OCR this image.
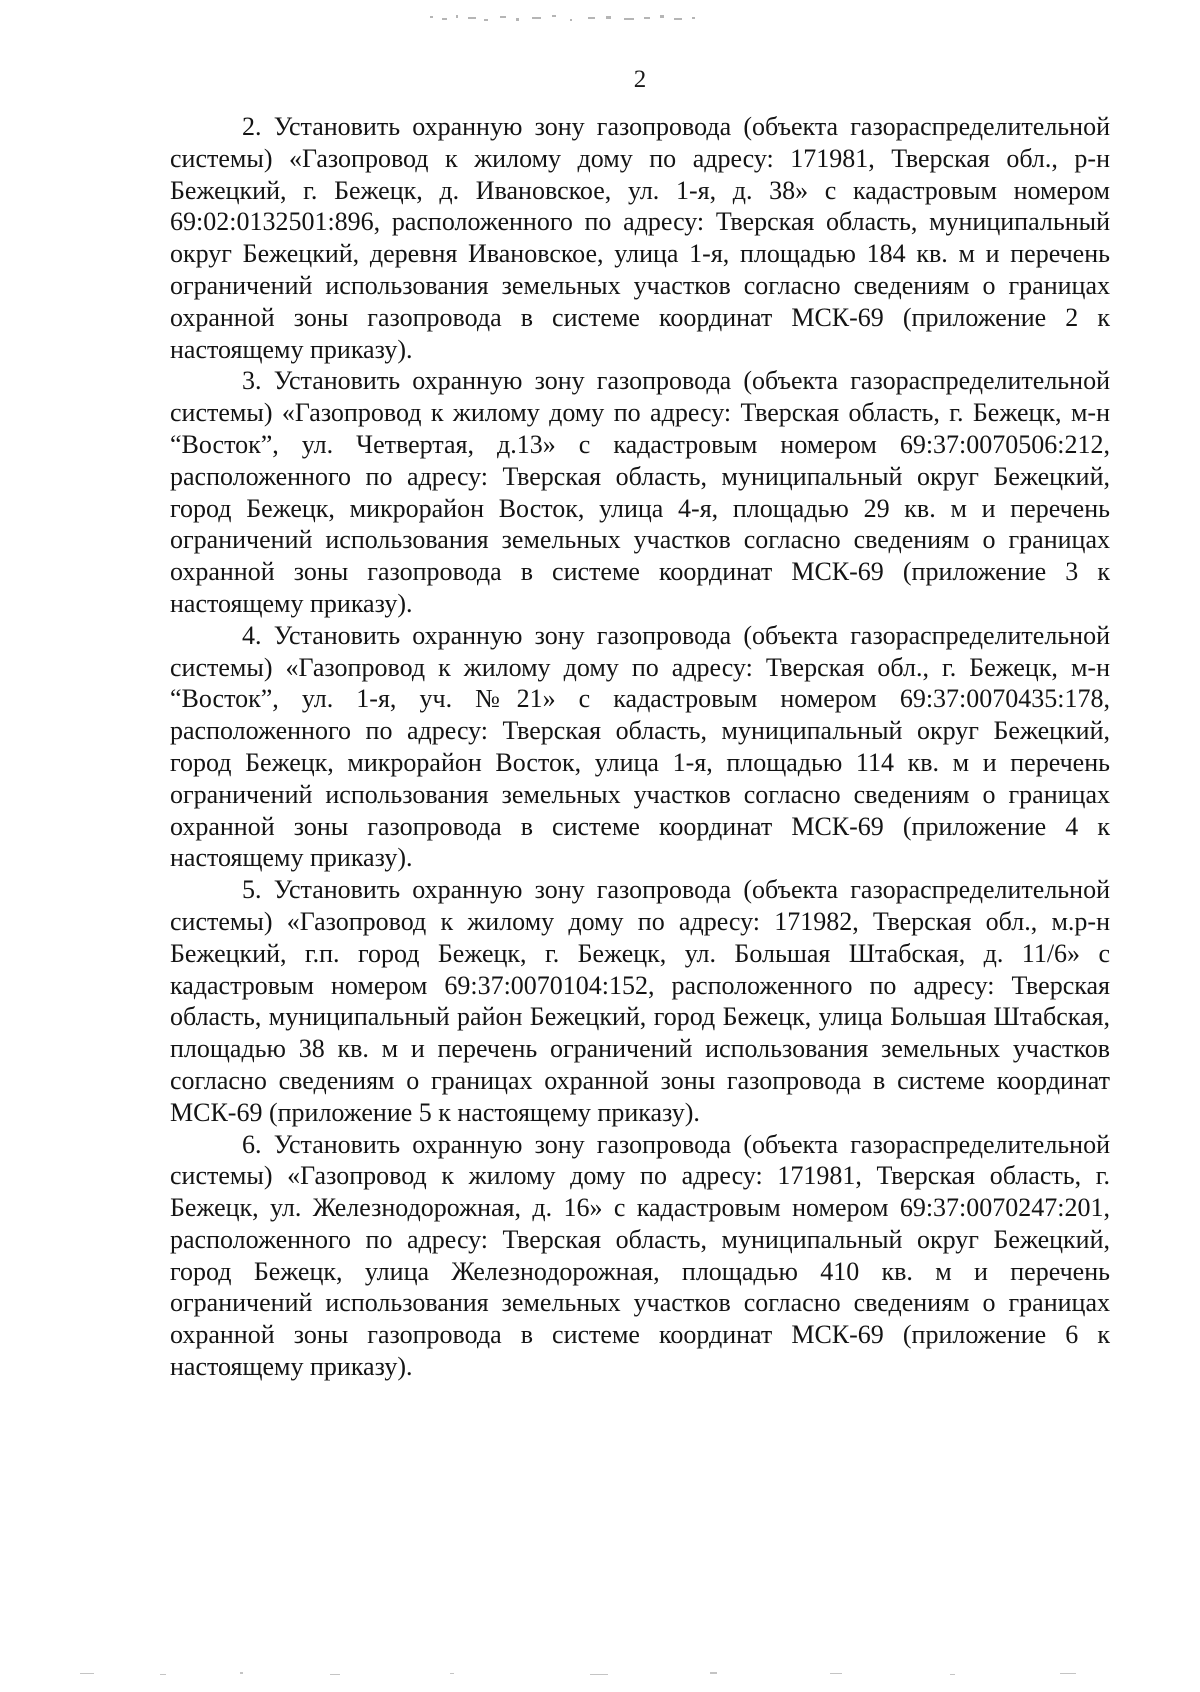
2

2. Установить охранную зону газопровода (объекта газораспределительной системы) «Газопровод к жилому дому по адресу: 171981, Тверская обл., р-н Бежецкий, г. Бежецк, д. Ивановское, ул. 1-я, д. 38» с кадастровым номером 69:02:0132501:896, расположенного по адресу: Тверская область, муниципальный округ Бежецкий, деревня Ивановское, улица 1-я, площадью 184 кв. м и перечень ограничений использования земельных участков согласно сведениям о границах охранной зоны газопровода в системе координат МСК-69 (приложение 2 к настоящему приказу).

3. Установить охранную зону газопровода (объекта газораспределительной системы) «Газопровод к жилому дому по адресу: Тверская область, г. Бежецк, м-н “Восток”, ул. Четвертая, д.13» с кадастровым номером 69:37:0070506:212, расположенного по адресу: Тверская область, муниципальный округ Бежецкий, город Бежецк, микрорайон Восток, улица 4-я, площадью 29 кв. м и перечень ограничений использования земельных участков согласно сведениям о границах охранной зоны газопровода в системе координат МСК-69 (приложение 3 к настоящему приказу).

4. Установить охранную зону газопровода (объекта газораспределительной системы) «Газопровод к жилому дому по адресу: Тверская обл., г. Бежецк, м-н “Восток”, ул. 1-я, уч. №21» с кадастровым номером 69:37:0070435:178, расположенного по адресу: Тверская область, муниципальный округ Бежецкий, город Бежецк, микрорайон Восток, улица 1-я, площадью 114 кв. м и перечень ограничений использования земельных участков согласно сведениям о границах охранной зоны газопровода в системе координат МСК-69 (приложение 4 к настоящему приказу).

5. Установить охранную зону газопровода (объекта газораспределительной системы) «Газопровод к жилому дому по адресу: 171982, Тверская обл., м.р-н Бежецкий, г.п. город Бежецк, г. Бежецк, ул. Большая Штабская, д. 11/6» с кадастровым номером 69:37:0070104:152, расположенного по адресу: Тверская область, муниципальный район Бежецкий, город Бежецк, улица Большая Штабская, площадью 38 кв. м и перечень ограничений использования земельных участков согласно сведениям о границах охранной зоны газопровода в системе координат МСК-69 (приложение 5 к настоящему приказу).

6. Установить охранную зону газопровода (объекта газораспределительной системы) «Газопровод к жилому дому по адресу: 171981, Тверская область, г. Бежецк, ул. Железнодорожная, д. 16» с кадастровым номером 69:37:0070247:201, расположенного по адресу: Тверская область, муниципальный округ Бежецкий, город Бежецк, улица Железнодорожная, площадью 410 кв. м и перечень ограничений использования земельных участков согласно сведениям о границах охранной зоны газопровода в системе координат МСК-69 (приложение 6 к настоящему приказу).
